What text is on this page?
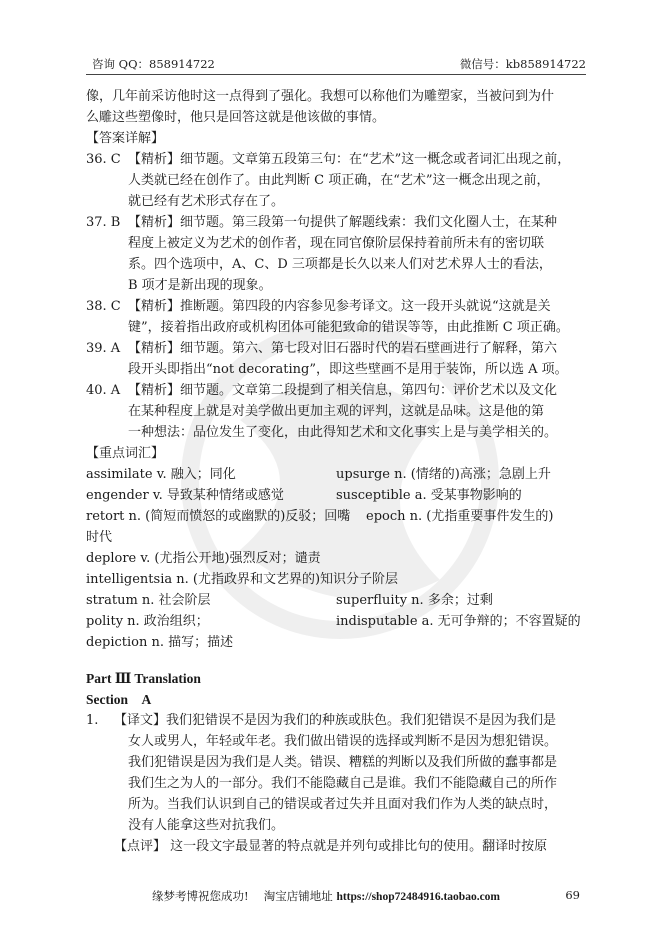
咨询 QQ：858914722	微信号：kb858914722
像，几年前采访他时这一点得到了强化。我想可以称他们为雕塑家，当被问到为什
么雕这些塑像时，他只是回答这就是他该做的事情。
【答案详解】
36. C 【精析】细节题。文章第五段第三句：在“艺术”这一概念或者词汇出现之前，
人类就已经在创作了。由此判断 C 项正确，在“艺术”这一概念出现之前，
就已经有艺术形式存在了。
37. B 【精析】细节题。第三段第一句提供了解题线索：我们文化圈人士，在某种
程度上被定义为艺术的创作者，现在同官僚阶层保持着前所未有的密切联
系。四个选项中，A、C、D 三项都是长久以来人们对艺术界人士的看法，
B 项才是新出现的现象。
38. C 【精析】推断题。第四段的内容参见参考译文。这一段开头就说“这就是关
键”，接着指出政府或机构团体可能犯致命的错误等等，由此推断 C 项正确。
39. A 【精析】细节题。第六、第七段对旧石器时代的岩石壁画进行了解释，第六
段开头即指出“not decorating”，即这些壁画不是用于装饰，所以选 A 项。
40. A 【精析】细节题。文章第二段提到了相关信息，第四句：评价艺术以及文化
在某种程度上就是对美学做出更加主观的评判，这就是品味。这是他的第
一种想法：品位发生了变化，由此得知艺术和文化事实上是与美学相关的。
【重点词汇】
assimilate v. 融入；同化	upsurge n. (情绪的)高涨；急剧上升
engender v. 导致某种情绪或感觉	susceptible a. 受某事物影响的
retort n. (简短而愤怒的或幽默的)反驳；回嘴 epoch n. (尤指重要事件发生的)
时代
deplore v. (尤指公开地)强烈反对；谴责
intelligentsia n. (尤指政界和文艺界的)知识分子阶层
stratum n. 社会阶层	superfluity n. 多余；过剩
polity n. 政治组织；	indisputable a. 无可争辩的；不容置疑的
depiction n. 描写；描述
Part Ⅲ Translation
Section　A
1. 【译文】我们犯错误不是因为我们的种族或肤色。我们犯错误不是因为我们是
女人或男人，年轻或年老。我们做出错误的选择或判断不是因为想犯错误。
我们犯错误是因为我们是人类。错误、糟糕的判断以及我们所做的蠢事都是
我们生之为人的一部分。我们不能隐藏自己是谁。我们不能隐藏自己的所作
所为。当我们认识到自己的错误或者过失并且面对我们作为人类的缺点时，
没有人能拿这些对抗我们。
【点评】 这一段文字最显著的特点就是并列句或排比句的使用。翻译时按原
缘梦考博祝您成功!　 淘宝店铺地址 https://shop72484916.taobao.com	69
